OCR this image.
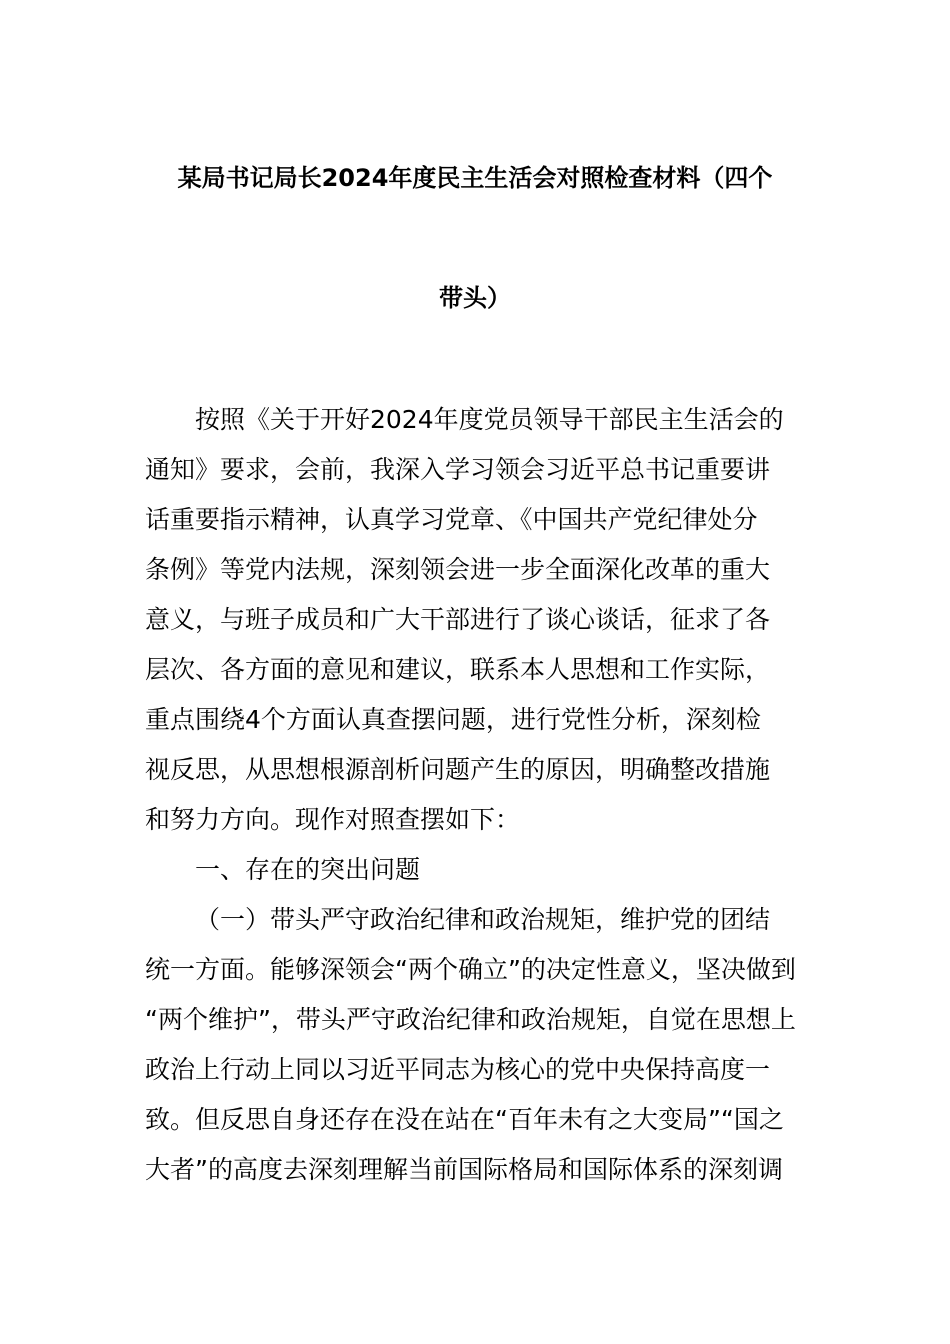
某局书记局长2024年度民主生活会对照检查材料（四个
带头）
按照《关于开好2024年度党员领导干部民主生活会的
通知》要求，会前，我深入学习领会习近平总书记重要讲
话重要指示精神，认真学习党章、《中国共产党纪律处分
条例》等党内法规，深刻领会进一步全面深化改革的重大
意义，与班子成员和广大干部进行了谈心谈话，征求了各
层次、各方面的意见和建议，联系本人思想和工作实际，
重点围绕4个方面认真查摆问题，进行党性分析，深刻检
视反思，从思想根源剖析问题产生的原因，明确整改措施
和努力方向。现作对照查摆如下：
一、存在的突出问题
（一）带头严守政治纪律和政治规矩，维护党的团结
统一方面。能够深领会“两个确立”的决定性意义，坚决做到
“两个维护”，带头严守政治纪律和政治规矩，自觉在思想上
政治上行动上同以习近平同志为核心的党中央保持高度一
致。但反思自身还存在没在站在“百年未有之大变局”“国之
大者”的高度去深刻理解当前国际格局和国际体系的深刻调
